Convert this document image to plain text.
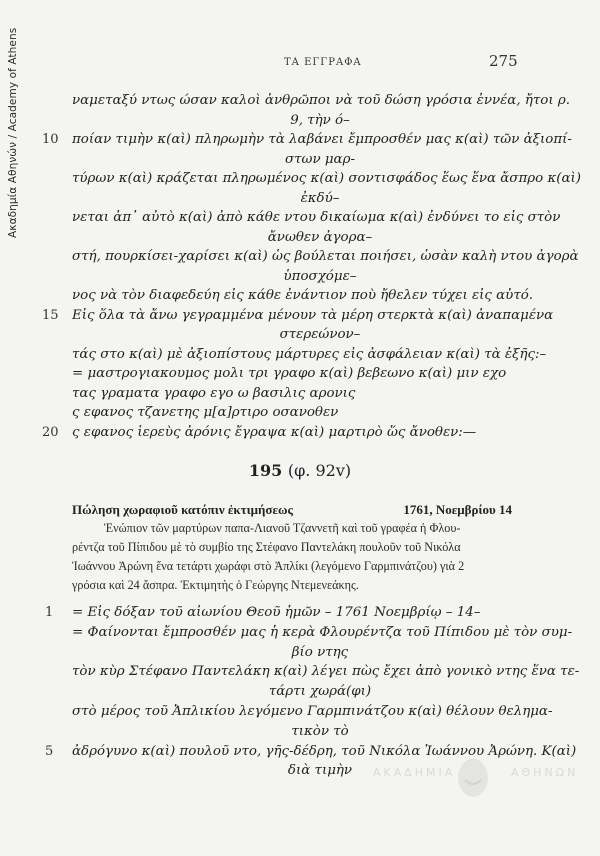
Ακαδημία Αθηνών / Academy of Athens	ΤΑ ΕΓΓΡΑΦΑ	275
ναμεταξύ ντως ώσαν καλοὶ ἀνθρῶποι νὰ τοῦ δώση γρόσια ἐννέα, ἤτοι ρ.
9, τὴν ό–
ποίαν τιμὴν κ(αὶ) πληρωμὴν τὰ λαβάνει ἔμπροσθέν μας κ(αὶ) τῶν ἀξιοπί-
10
στων μαρ-
τύρων κ(αὶ) κράζεται πληρωμένος κ(αὶ) σοντισφάδος ἕως ἕνα ἄσπρο κ(αὶ)
ἐκδύ–
νεται ἀπ᾽ αὐτὸ κ(αὶ) ἀπὸ κάθε ντου δικαίωμα κ(αὶ) ἐνδύνει το εἰς στὸν
ἄνωθεν ἀγορα–
στή, πουρκίσει-χαρίσει κ(αὶ) ὡς βούλεται ποιήσει, ὡσὰν καλὴ ντου ἀγορὰ
ὑποσχόμε–
νος νὰ τὸν διαφεδεύη εἰς κάθε ἐνάντιον ποὺ ἤθελεν τύχει εἰς αὐτό.
Εἰς ὅλα τὰ ἄνω γεγραμμένα μένουν τὰ μέρη στερκτὰ κ(αὶ) ἀναπαμένα
15
στερεώνον–
τάς στο κ(αὶ) μὲ ἀξιοπίστους μάρτυρες εἰς ἀσφάλειαν κ(αὶ) τὰ ἐξῆς:–
= μαστρογιακουμος μολι τρι γραφο κ(αὶ) βεβεωνο κ(αὶ) μιν εχο
τας γραματα γραφο εγο ω βασιλις αρονις
ς εφανος τζανετης μ[α]ρτιρο οσανοθεν
ς εφανος ἱερεὺς ἀρόνις ἔγραψα κ(αὶ) μαρτιρὸ ὥς ἄνοθεν:—
20
195 (φ. 92v)
Πώληση χωραφιοῦ κατόπιν ἐκτιμήσεως	1761, Νοεμβρίου 14
Ἐνώπιον τῶν μαρτύρων παπα-Λιανοῦ Τζαννετῆ καὶ τοῦ γραφέα ἡ Φλου-
ρέντζα τοῦ Πίπιδου μὲ τὸ συμβίο της Στέφανο Παντελάκη πουλοῦν τοῦ Νικόλα
Ἰωάννου Ἀρώνη ἕνα τετάρτι χωράφι στὸ Ἀπλίκι (λεγόμενο Γαρμπινάτζου) γιὰ 2
γρόσια καὶ 24 ἄσπρα. Ἐκτιμητὴς ὁ Γεώργης Ντεμενεάκης.
= Εἰς δόξαν τοῦ αἰωνίου Θεοῦ ἡμῶν – 1761 Νοεμβρίῳ – 14–
1
= Φαίνονται ἔμπροσθέν μας ἡ κερὰ Φλουρέντζα τοῦ Πίπιδου μὲ τὸν συμ-
βίο ντης
τὸν κὺρ Στέφανο Παντελάκη κ(αὶ) λέγει πὼς ἔχει ἀπὸ γονικὸ ντης ἕνα τε-
τάρτι χωρά(φι)
στὸ μέρος τοῦ Ἀπλικίου λεγόμενο Γαρμπινάτζου κ(αὶ) θέλουν θελημα-
τικὸν τὸ
ἀδρόγυνο κ(αὶ) πουλοῦ ντο, γῆς-δέδρη, τοῦ Νικόλα Ἰωάννου Ἀρώνη. Κ(αὶ)
5
διὰ τιμὴν	ΑΚΑΔΗΜΙΑ	ΑΘΗΝΩΝ
